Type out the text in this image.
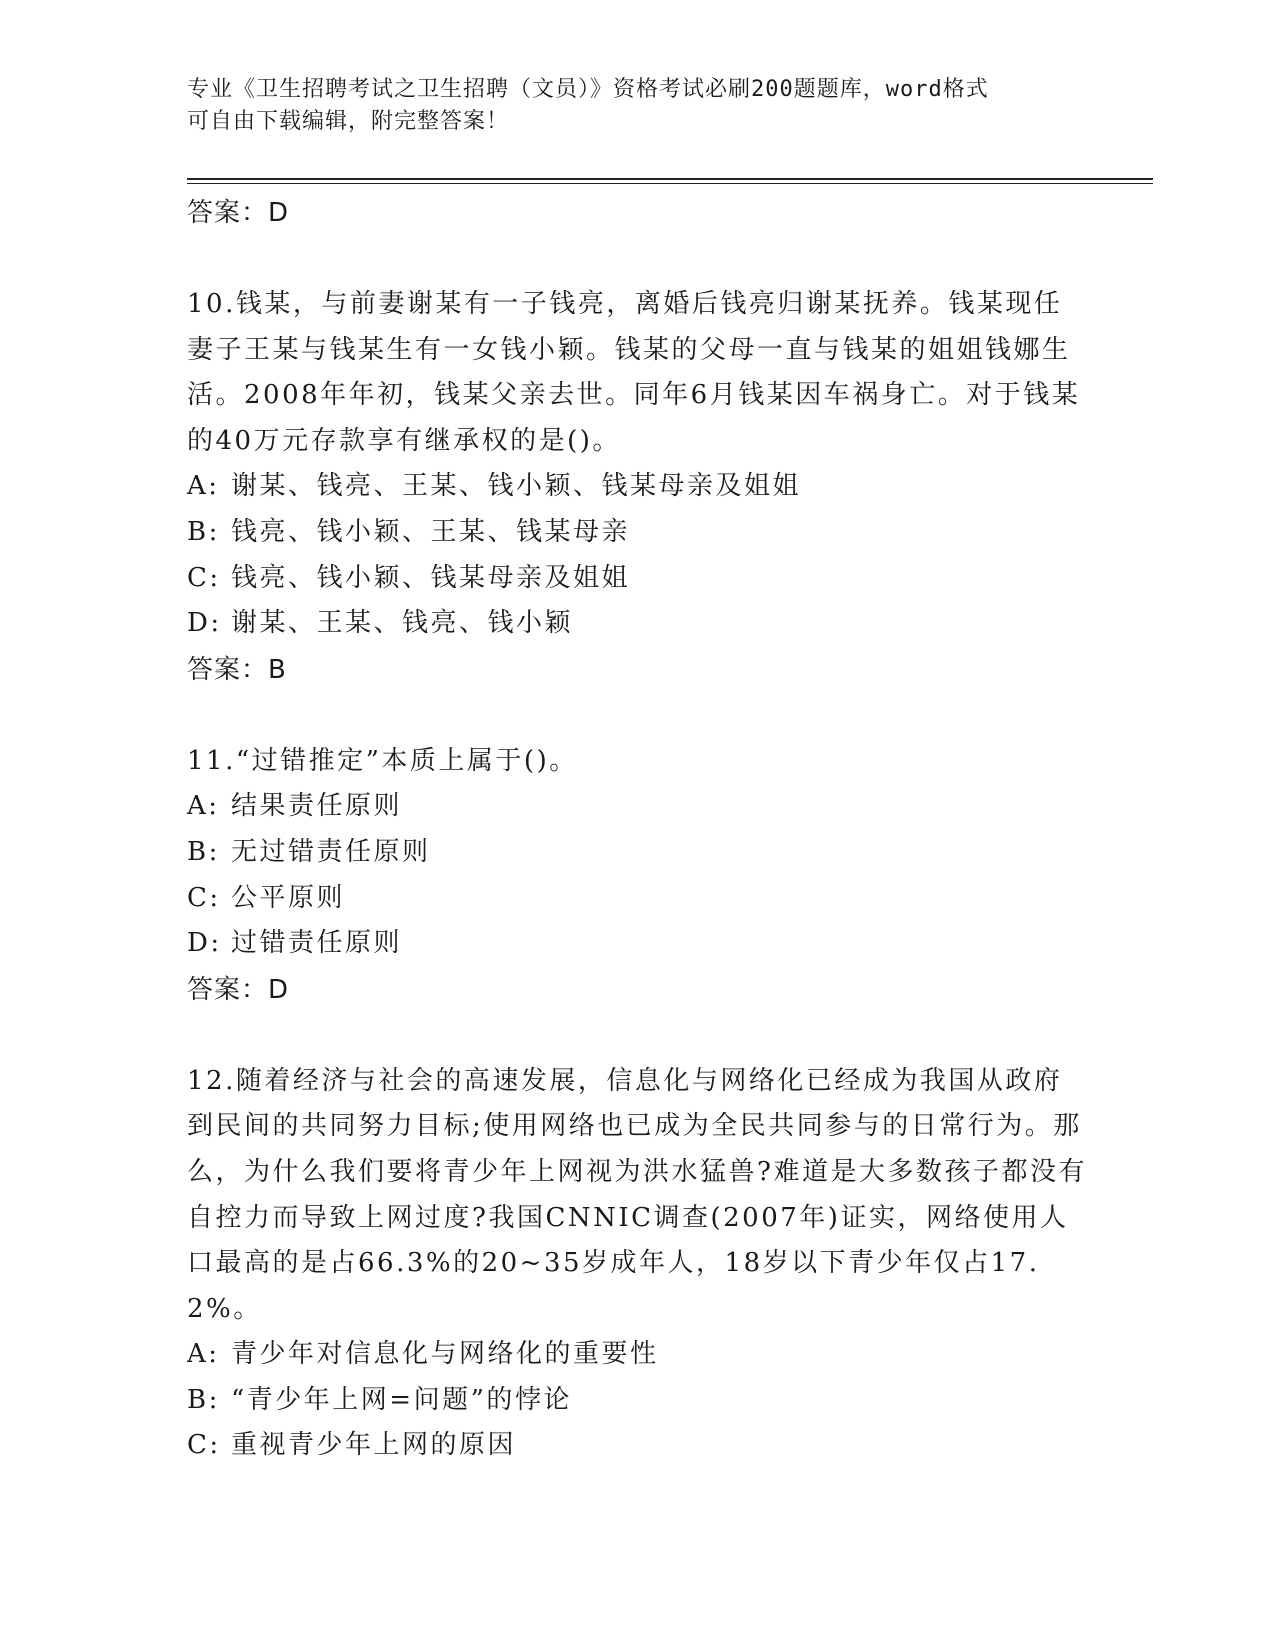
专业《卫生招聘考试之卫生招聘（文员）》资格考试必刷200题题库，word格式
可自由下载编辑，附完整答案！
答案：D
10.钱某，与前妻谢某有一子钱亮，离婚后钱亮归谢某抚养。钱某现任妻子王某与钱某生有一女钱小颖。钱某的父母一直与钱某的姐姐钱娜生活。2008年年初，钱某父亲去世。同年6月钱某因车祸身亡。对于钱某的40万元存款享有继承权的是()。
A: 谢某、钱亮、王某、钱小颖、钱某母亲及姐姐
B: 钱亮、钱小颖、王某、钱某母亲
C: 钱亮、钱小颖、钱某母亲及姐姐
D: 谢某、王某、钱亮、钱小颖
答案：B
11.“过错推定”本质上属于()。
A: 结果责任原则
B: 无过错责任原则
C: 公平原则
D: 过错责任原则
答案：D
12.随着经济与社会的高速发展，信息化与网络化已经成为我国从政府到民间的共同努力目标;使用网络也已成为全民共同参与的日常行为。那么，为什么我们要将青少年上网视为洪水猛兽?难道是大多数孩子都没有自控力而导致上网过度?我国CNNIC调查(2007年)证实，网络使用人口最高的是占66.3%的20~35岁成年人，18岁以下青少年仅占17.2%。
A: 青少年对信息化与网络化的重要性
B: “青少年上网=问题”的悖论
C: 重视青少年上网的原因
